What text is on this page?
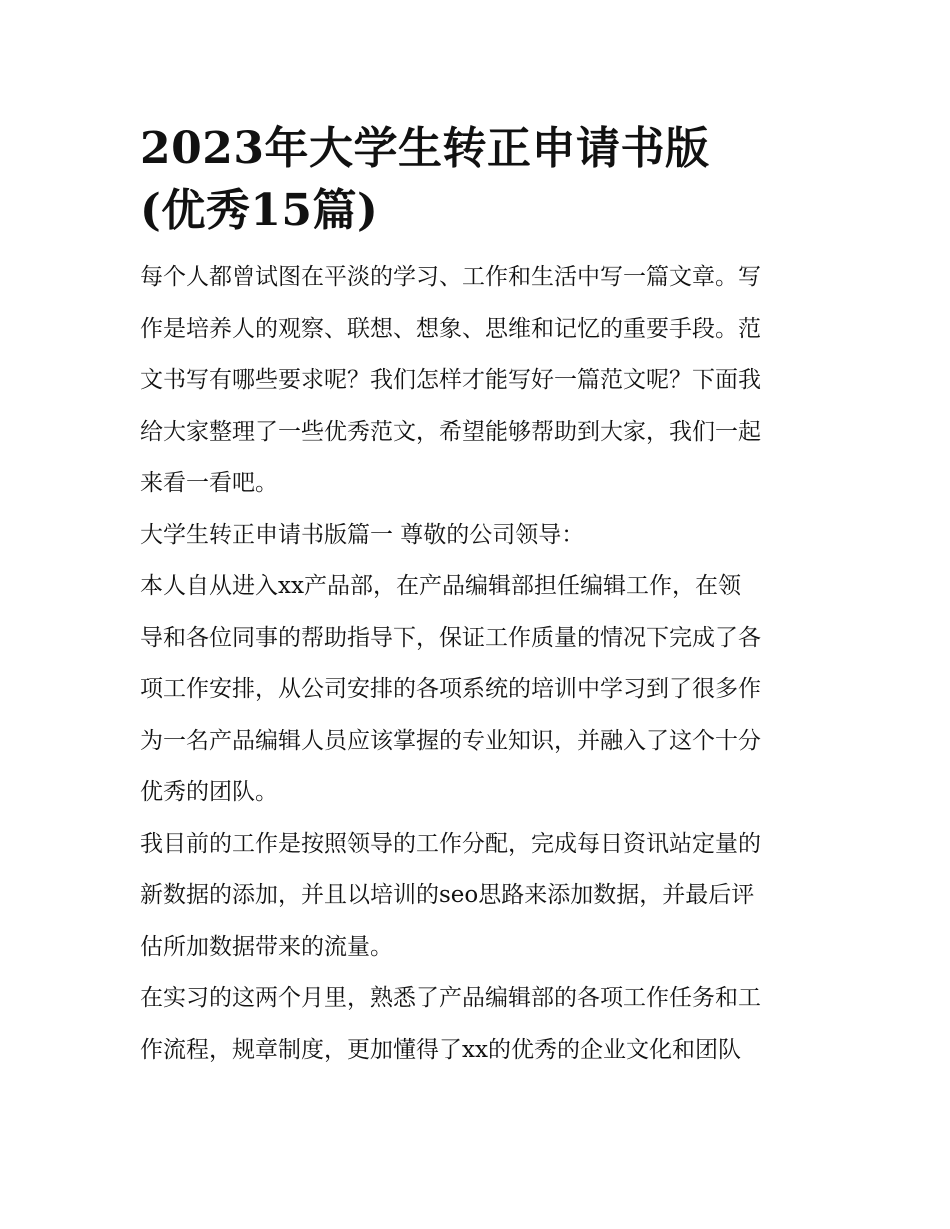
2023年大学生转正申请书版
(优秀15篇)

每个人都曾试图在平淡的学习、工作和生活中写一篇文章。写
作是培养人的观察、联想、想象、思维和记忆的重要手段。范
文书写有哪些要求呢？我们怎样才能写好一篇范文呢？下面我
给大家整理了一些优秀范文，希望能够帮助到大家，我们一起
来看一看吧。

大学生转正申请书版篇一 尊敬的公司领导：

本人自从进入xx产品部，在产品编辑部担任编辑工作，在领
导和各位同事的帮助指导下，保证工作质量的情况下完成了各
项工作安排，从公司安排的各项系统的培训中学习到了很多作
为一名产品编辑人员应该掌握的专业知识，并融入了这个十分
优秀的团队。

我目前的工作是按照领导的工作分配，完成每日资讯站定量的
新数据的添加，并且以培训的seo思路来添加数据，并最后评
估所加数据带来的流量。

在实习的这两个月里，熟悉了产品编辑部的各项工作任务和工
作流程，规章制度，更加懂得了xx的优秀的企业文化和团队
